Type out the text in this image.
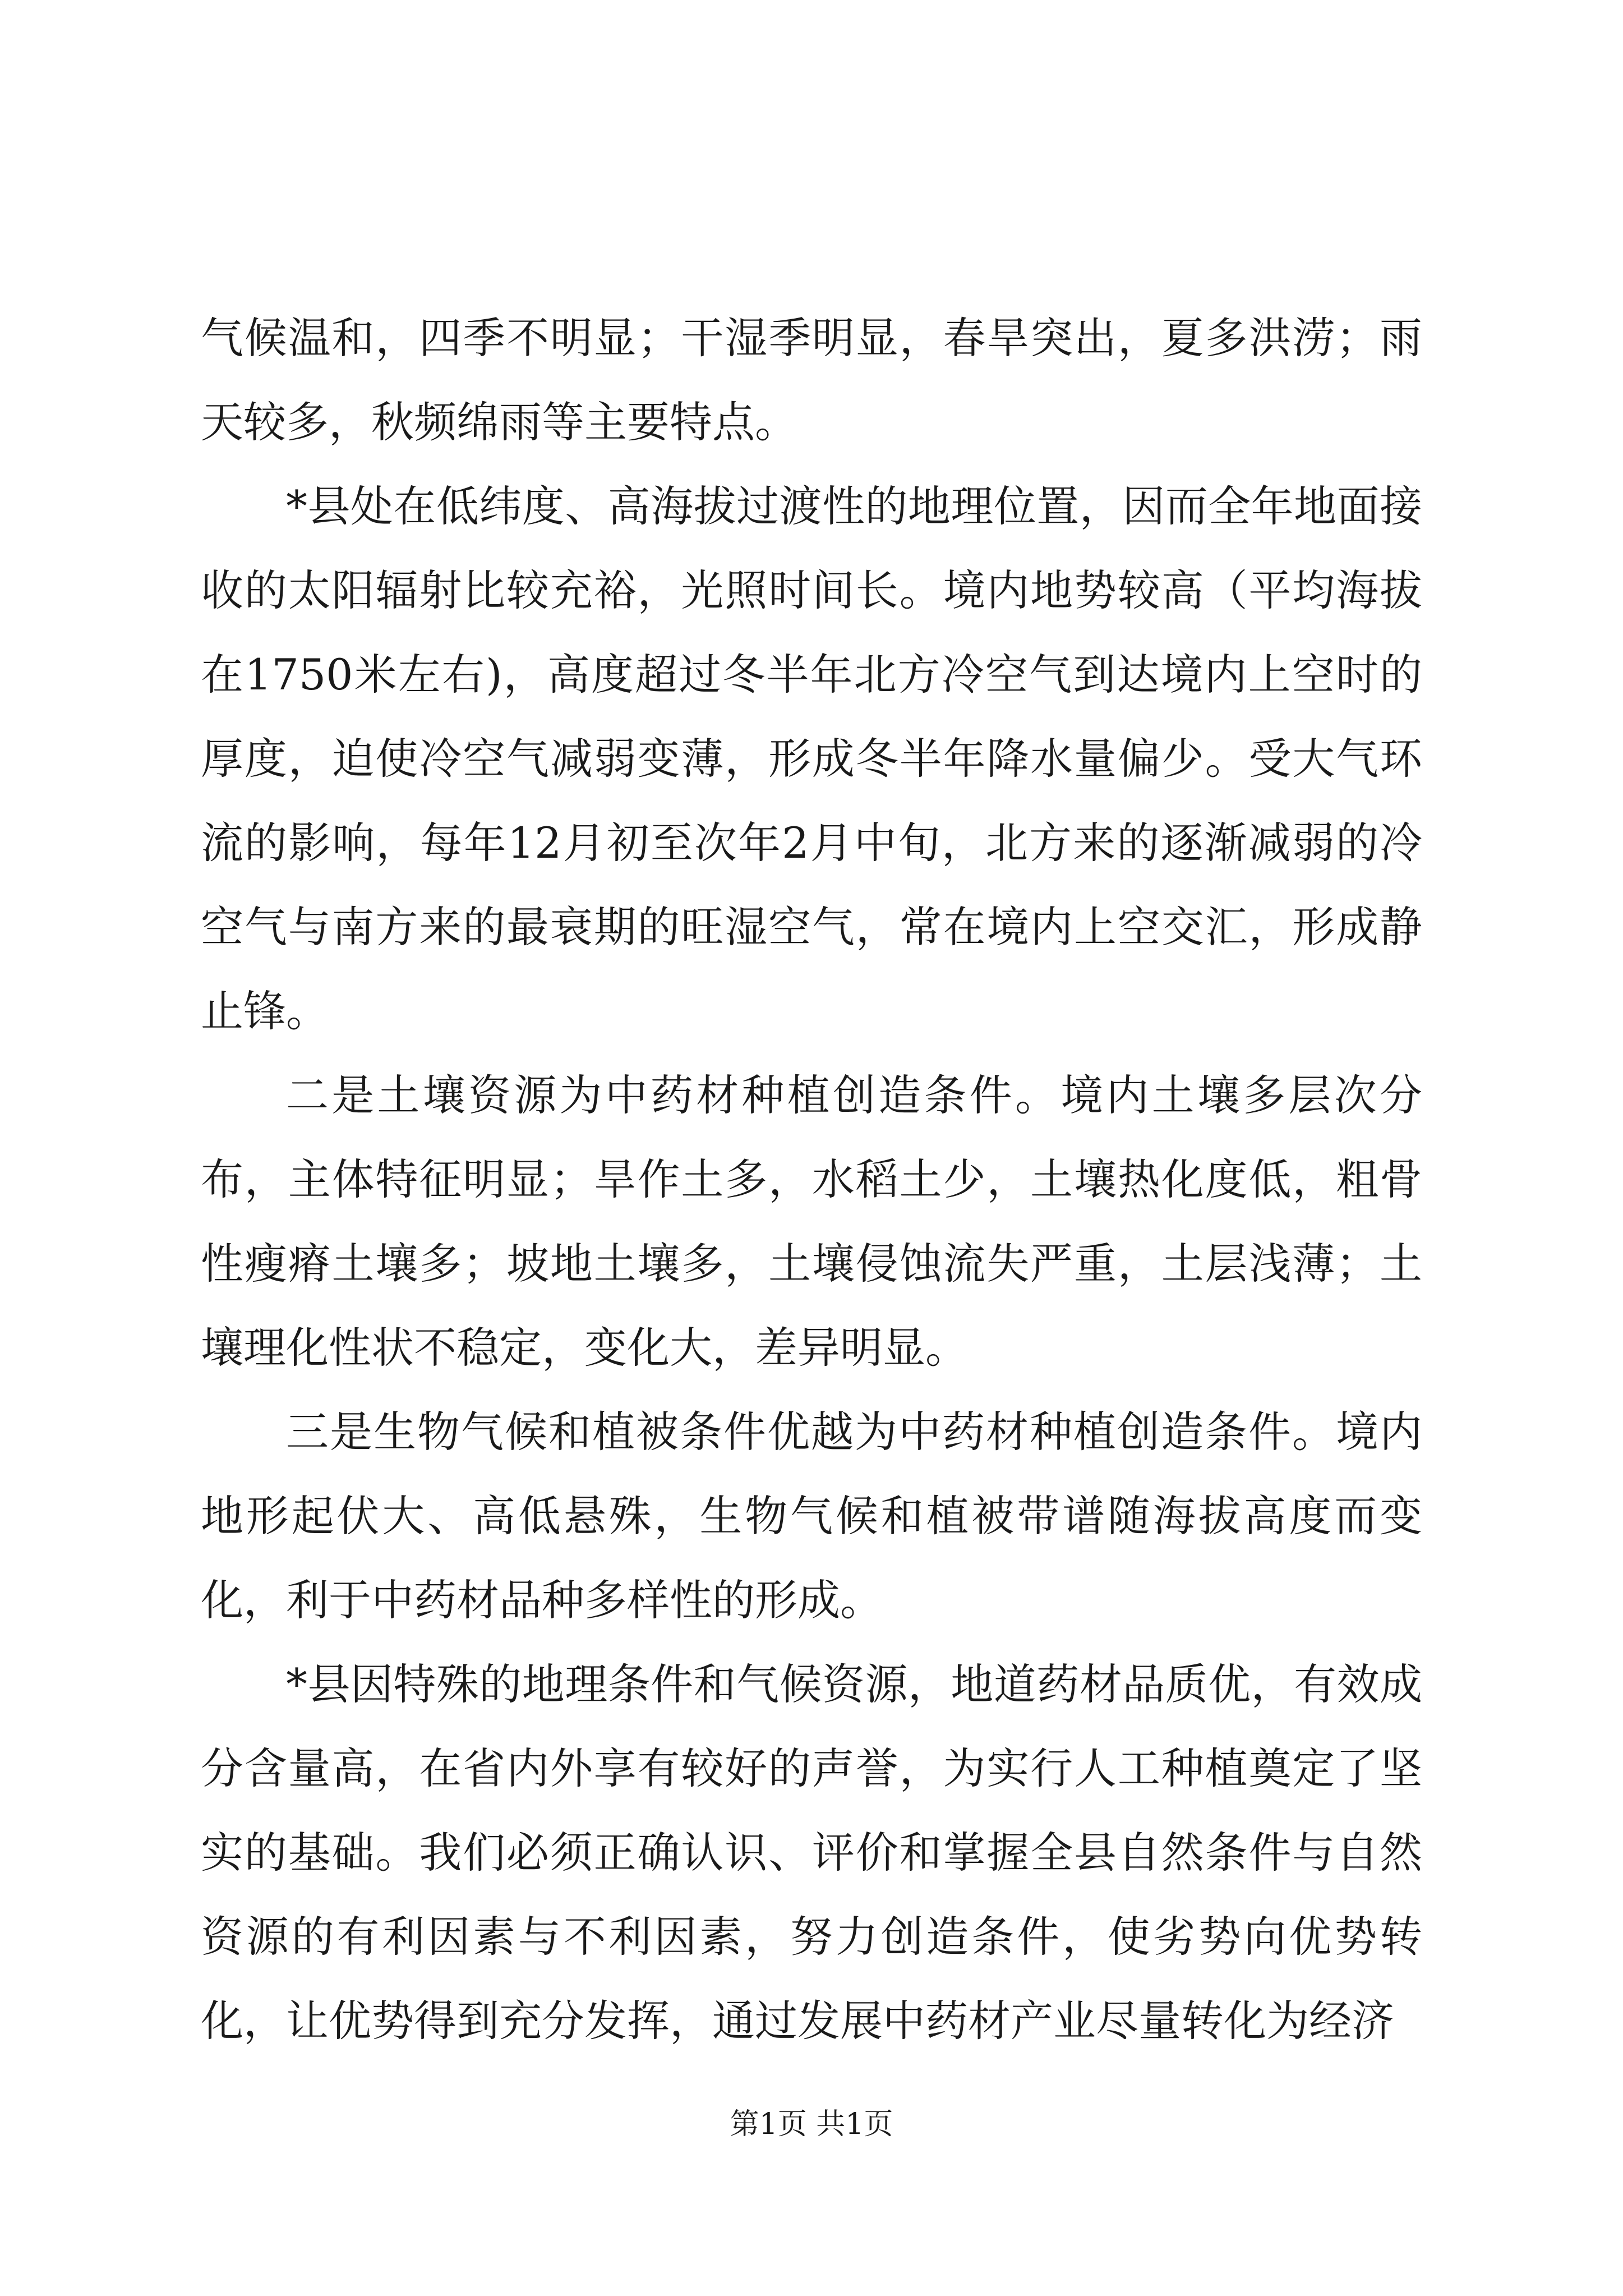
气候温和，四季不明显；干湿季明显，春旱突出，夏多洪涝；雨天较多，秋频绵雨等主要特点。

*县处在低纬度、高海拔过渡性的地理位置，因而全年地面接收的太阳辐射比较充裕，光照时间长。境内地势较高（平均海拔在1750米左右)，高度超过冬半年北方冷空气到达境内上空时的厚度，迫使冷空气减弱变薄，形成冬半年降水量偏少。受大气环流的影响，每年12月初至次年2月中旬，北方来的逐渐减弱的冷空气与南方来的最衰期的旺湿空气，常在境内上空交汇，形成静止锋。

二是土壤资源为中药材种植创造条件。境内土壤多层次分布，主体特征明显；旱作土多，水稻土少，土壤热化度低，粗骨性瘦瘠土壤多；坡地土壤多，土壤侵蚀流失严重，土层浅薄；土壤理化性状不稳定，变化大，差异明显。

三是生物气候和植被条件优越为中药材种植创造条件。境内地形起伏大、高低悬殊，生物气候和植被带谱随海拔高度而变化，利于中药材品种多样性的形成。

*县因特殊的地理条件和气候资源，地道药材品质优，有效成分含量高，在省内外享有较好的声誉，为实行人工种植奠定了坚实的基础。我们必须正确认识、评价和掌握全县自然条件与自然资源的有利因素与不利因素，努力创造条件，使劣势向优势转化，让优势得到充分发挥，通过发展中药材产业尽量转化为经济

第1页 共1页
